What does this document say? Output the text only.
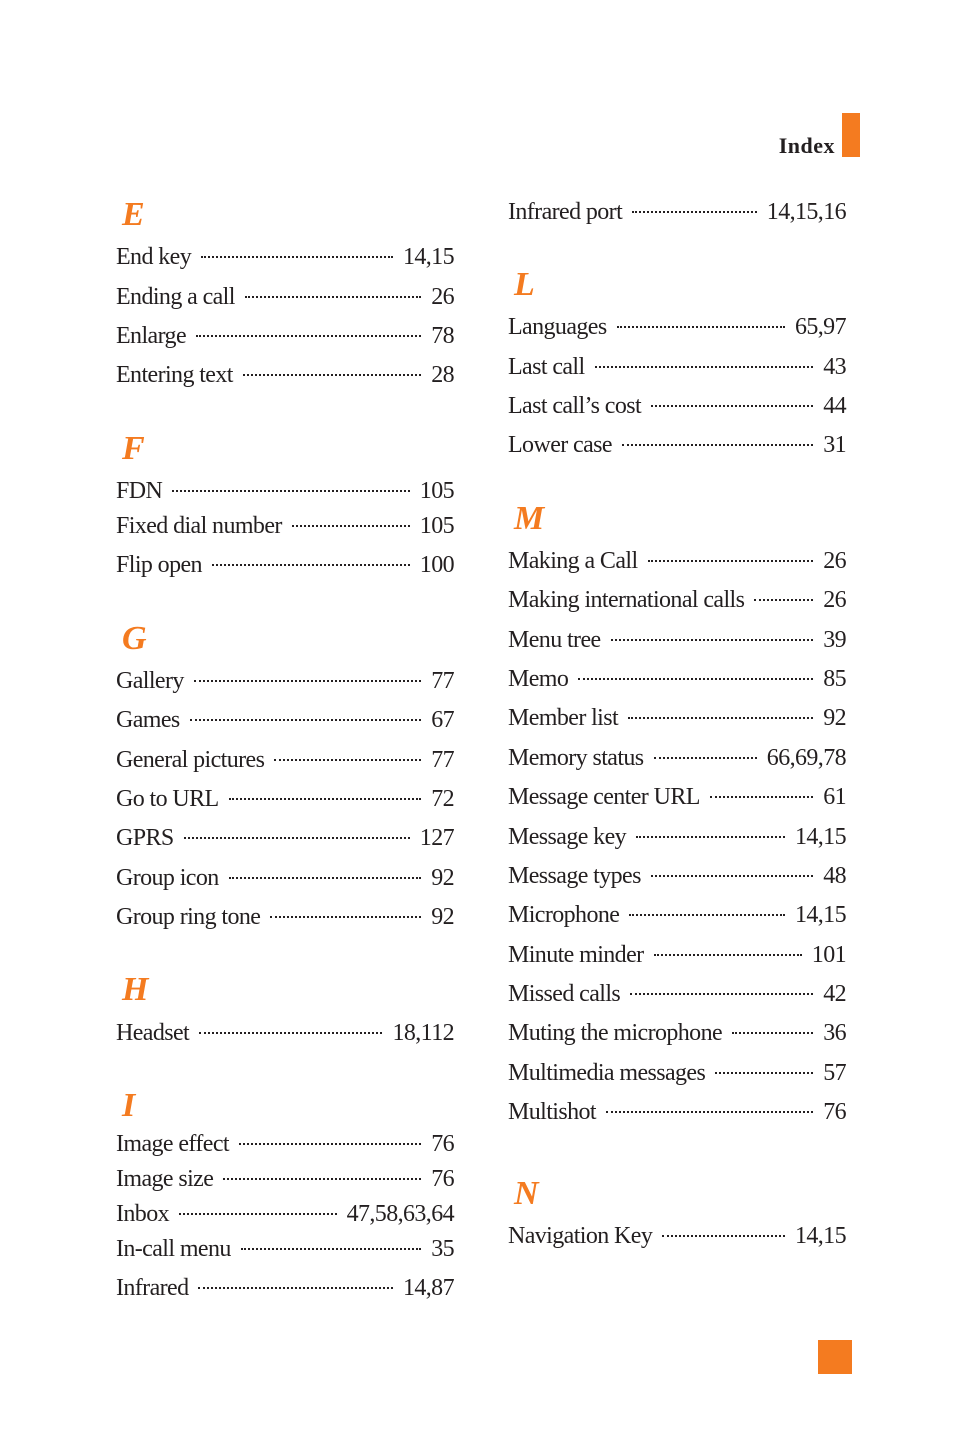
Index
E
End key	14,15
Ending a call	26
Enlarge	78
Entering text	28
F
FDN	105
Fixed dial number	105
Flip open	100
G
Gallery	77
Games	67
General pictures	77
Go to URL	72
GPRS	127
Group icon	92
Group ring tone	92
H
Headset	18,112
I
Image effect	76
Image size	76
Inbox	47,58,63,64
In-call menu	35
Infrared	14,87
Infrared port	14,15,16
L
Languages	65,97
Last call	43
Last call’s cost	44
Lower case	31
M
Making a Call	26
Making international calls	26
Menu tree	39
Memo	85
Member list	92
Memory status	66,69,78
Message center URL	61
Message key	14,15
Message types	48
Microphone	14,15
Minute minder	101
Missed calls	42
Muting the microphone	36
Multimedia messages	57
Multishot	76
N
Navigation Key	14,15
